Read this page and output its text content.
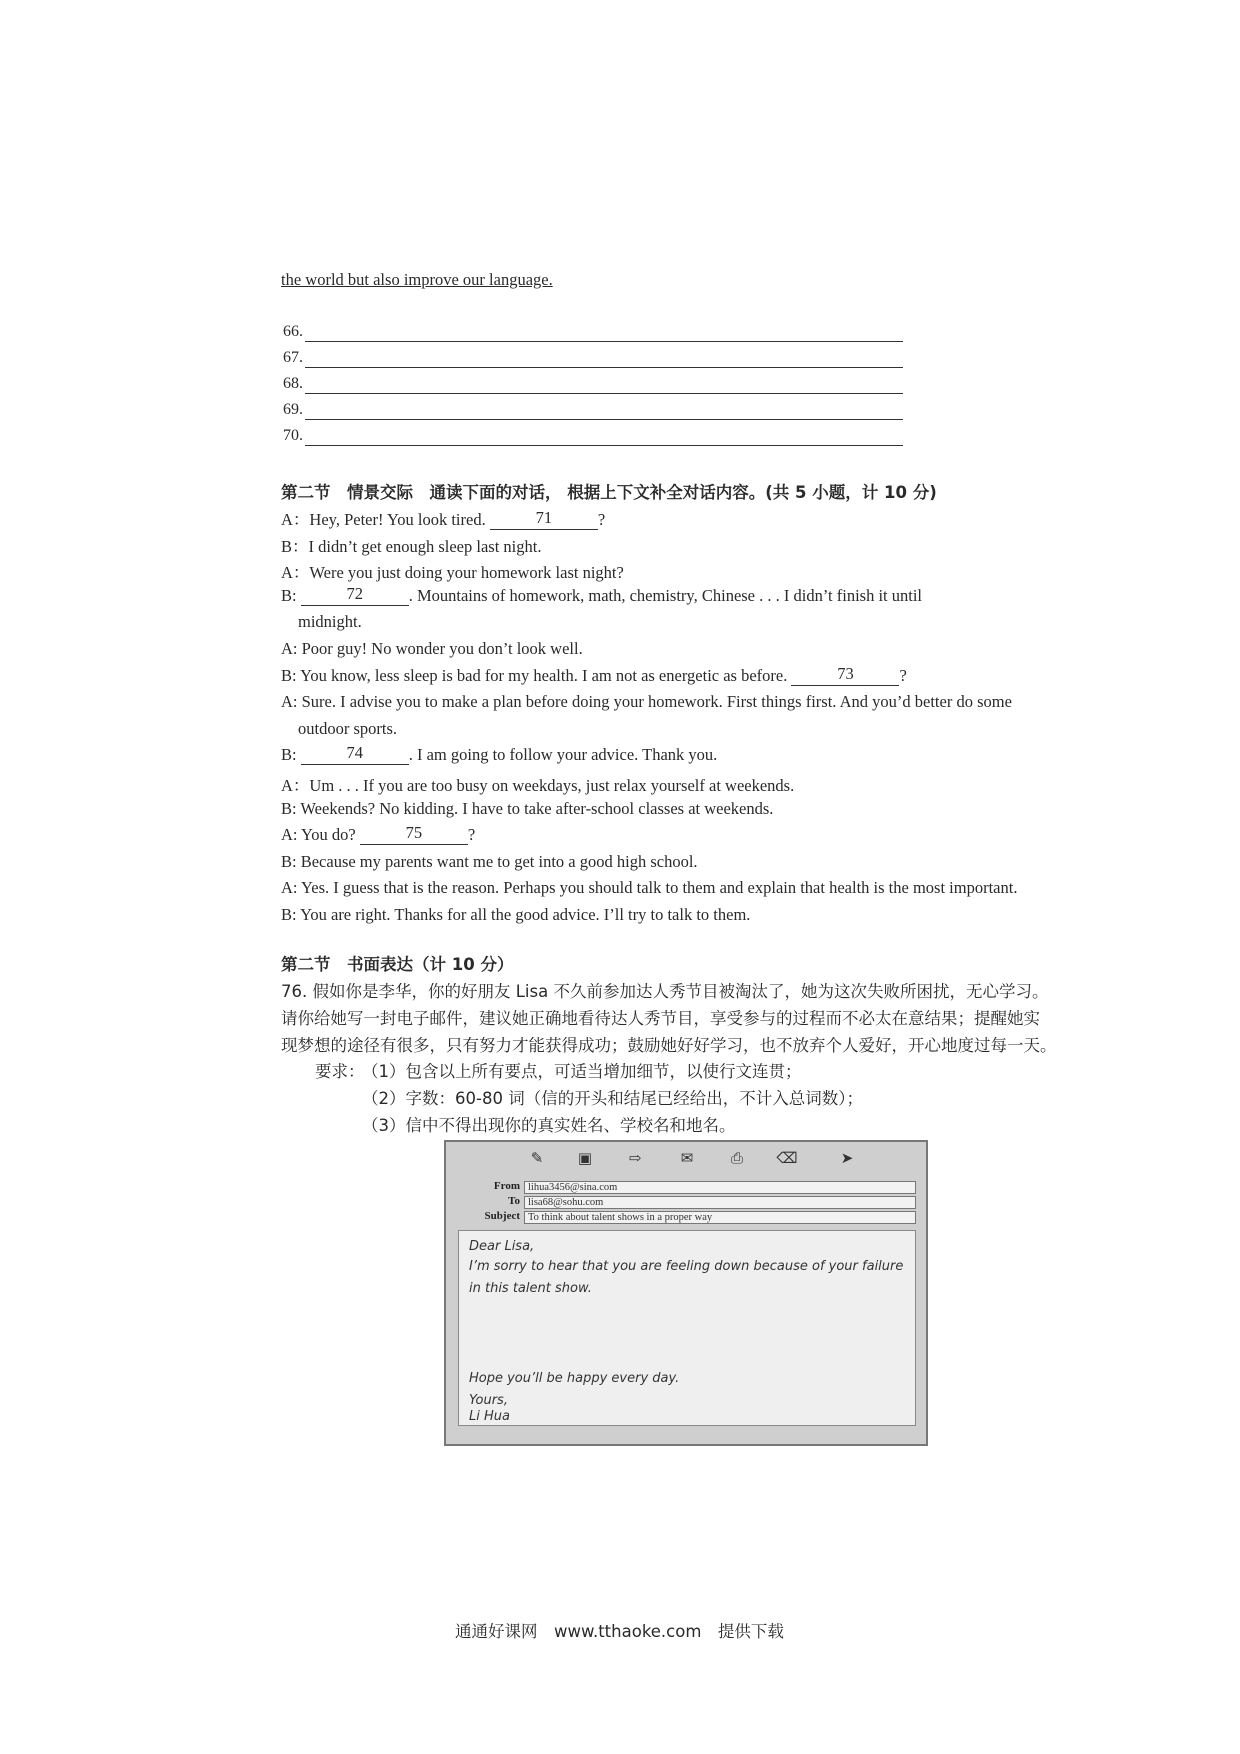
the world but also improve our language.
66.
67.
68.
69.
70.
第二节　情景交际　通读下面的对话， 根据上下文补全对话内容。(共 5 小题，计 10 分)
A：Hey, Peter! You look tired.	71	?
B：I didn’t get enough sleep last night.
A：Were you just doing your homework last night?
B:	72	. Mountains of homework, math, chemistry, Chinese . . . I didn’t finish it until
midnight.
A: Poor guy! No wonder you don’t look well.
B: You know, less sleep is bad for my health. I am not as energetic as before.	73	?
A: Sure. I advise you to make a plan before doing your homework. First things first. And you’d better do some
outdoor sports.
B:	74	. I am going to follow your advice. Thank you.
A：Um . . . If you are too busy on weekdays, just relax yourself at weekends.
B: Weekends? No kidding. I have to take after-school classes at weekends.
A: You do?	75	?
B: Because my parents want me to get into a good high school.
A: Yes. I guess that is the reason. Perhaps you should talk to them and explain that health is the most important.
B: You are right. Thanks for all the good advice. I’ll try to talk to them.
第二节　书面表达（计 10 分）
76. 假如你是李华，你的好朋友 Lisa 不久前参加达人秀节目被淘汰了，她为这次失败所困扰，无心学习。
请你给她写一封电子邮件，建议她正确地看待达人秀节目，享受参与的过程而不必太在意结果；提醒她实
现梦想的途径有很多，只有努力才能获得成功；鼓励她好好学习，也不放弃个人爱好，开心地度过每一天。
要求：
（1）包含以上所有要点，可适当增加细节，以使行文连贯；
（2）字数：60-80 词（信的开头和结尾已经给出，不计入总词数）；
（3）信中不得出现你的真实姓名、学校名和地名。
✎	▣	⇨	✉	⎙	⌫	➤
From lihua3456@sina.com
To lisa68@sohu.com
Subject To think about talent shows in a proper way
Dear Lisa,
I’m sorry to hear that you are feeling down because of your failure
in this talent show.
Hope you’ll be happy every day.
Yours,
Li Hua
通通好课网　www.tthaoke.com　提供下载
